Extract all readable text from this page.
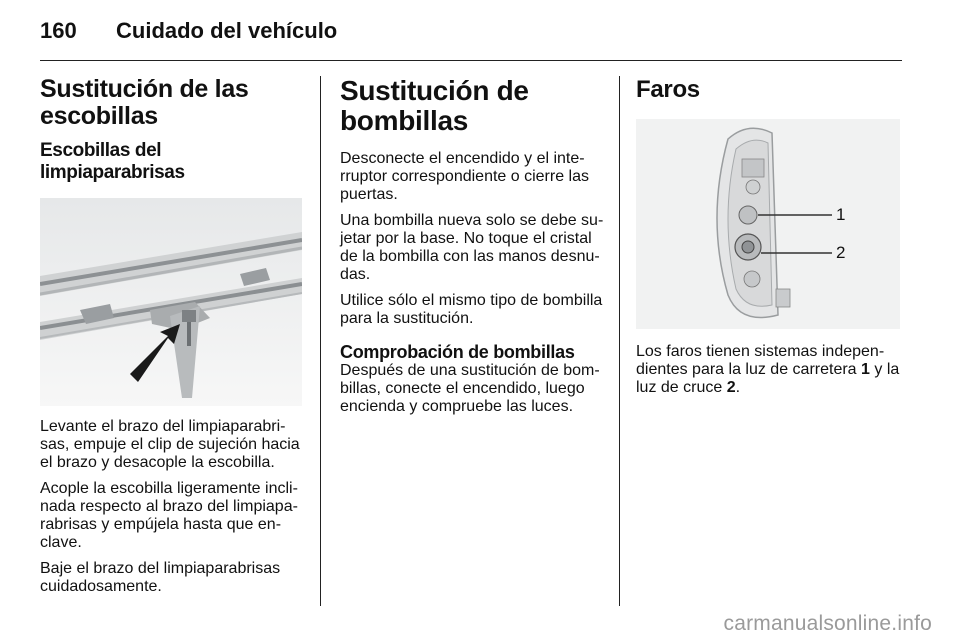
160 Cuidado del vehículo
Sustitución de las escobillas
Escobillas del limpiaparabrisas

Levante el brazo del limpiaparabri-sas, empuje el clip de sujeción hacia el brazo y desacople la escobilla.

Acople la escobilla ligeramente incli-nada respecto al brazo del limpiapa-rabrisas y empújela hasta que en-clave.

Baje el brazo del limpiaparabrisas cuidadosamente.

Sustitución de bombillas

Desconecte el encendido y el inte-rruptor correspondiente o cierre las puertas.

Una bombilla nueva solo se debe su-jetar por la base. No toque el cristal de la bombilla con las manos desnu-das.

Utilice sólo el mismo tipo de bombilla para la sustitución.

Comprobación de bombillas

Después de una sustitución de bom-billas, conecte el encendido, luego encienda y compruebe las luces.

Faros
1
2

Los faros tienen sistemas indepen-dientes para la luz de carretera 1 y la luz de cruce 2.

carmanualsonline.info
